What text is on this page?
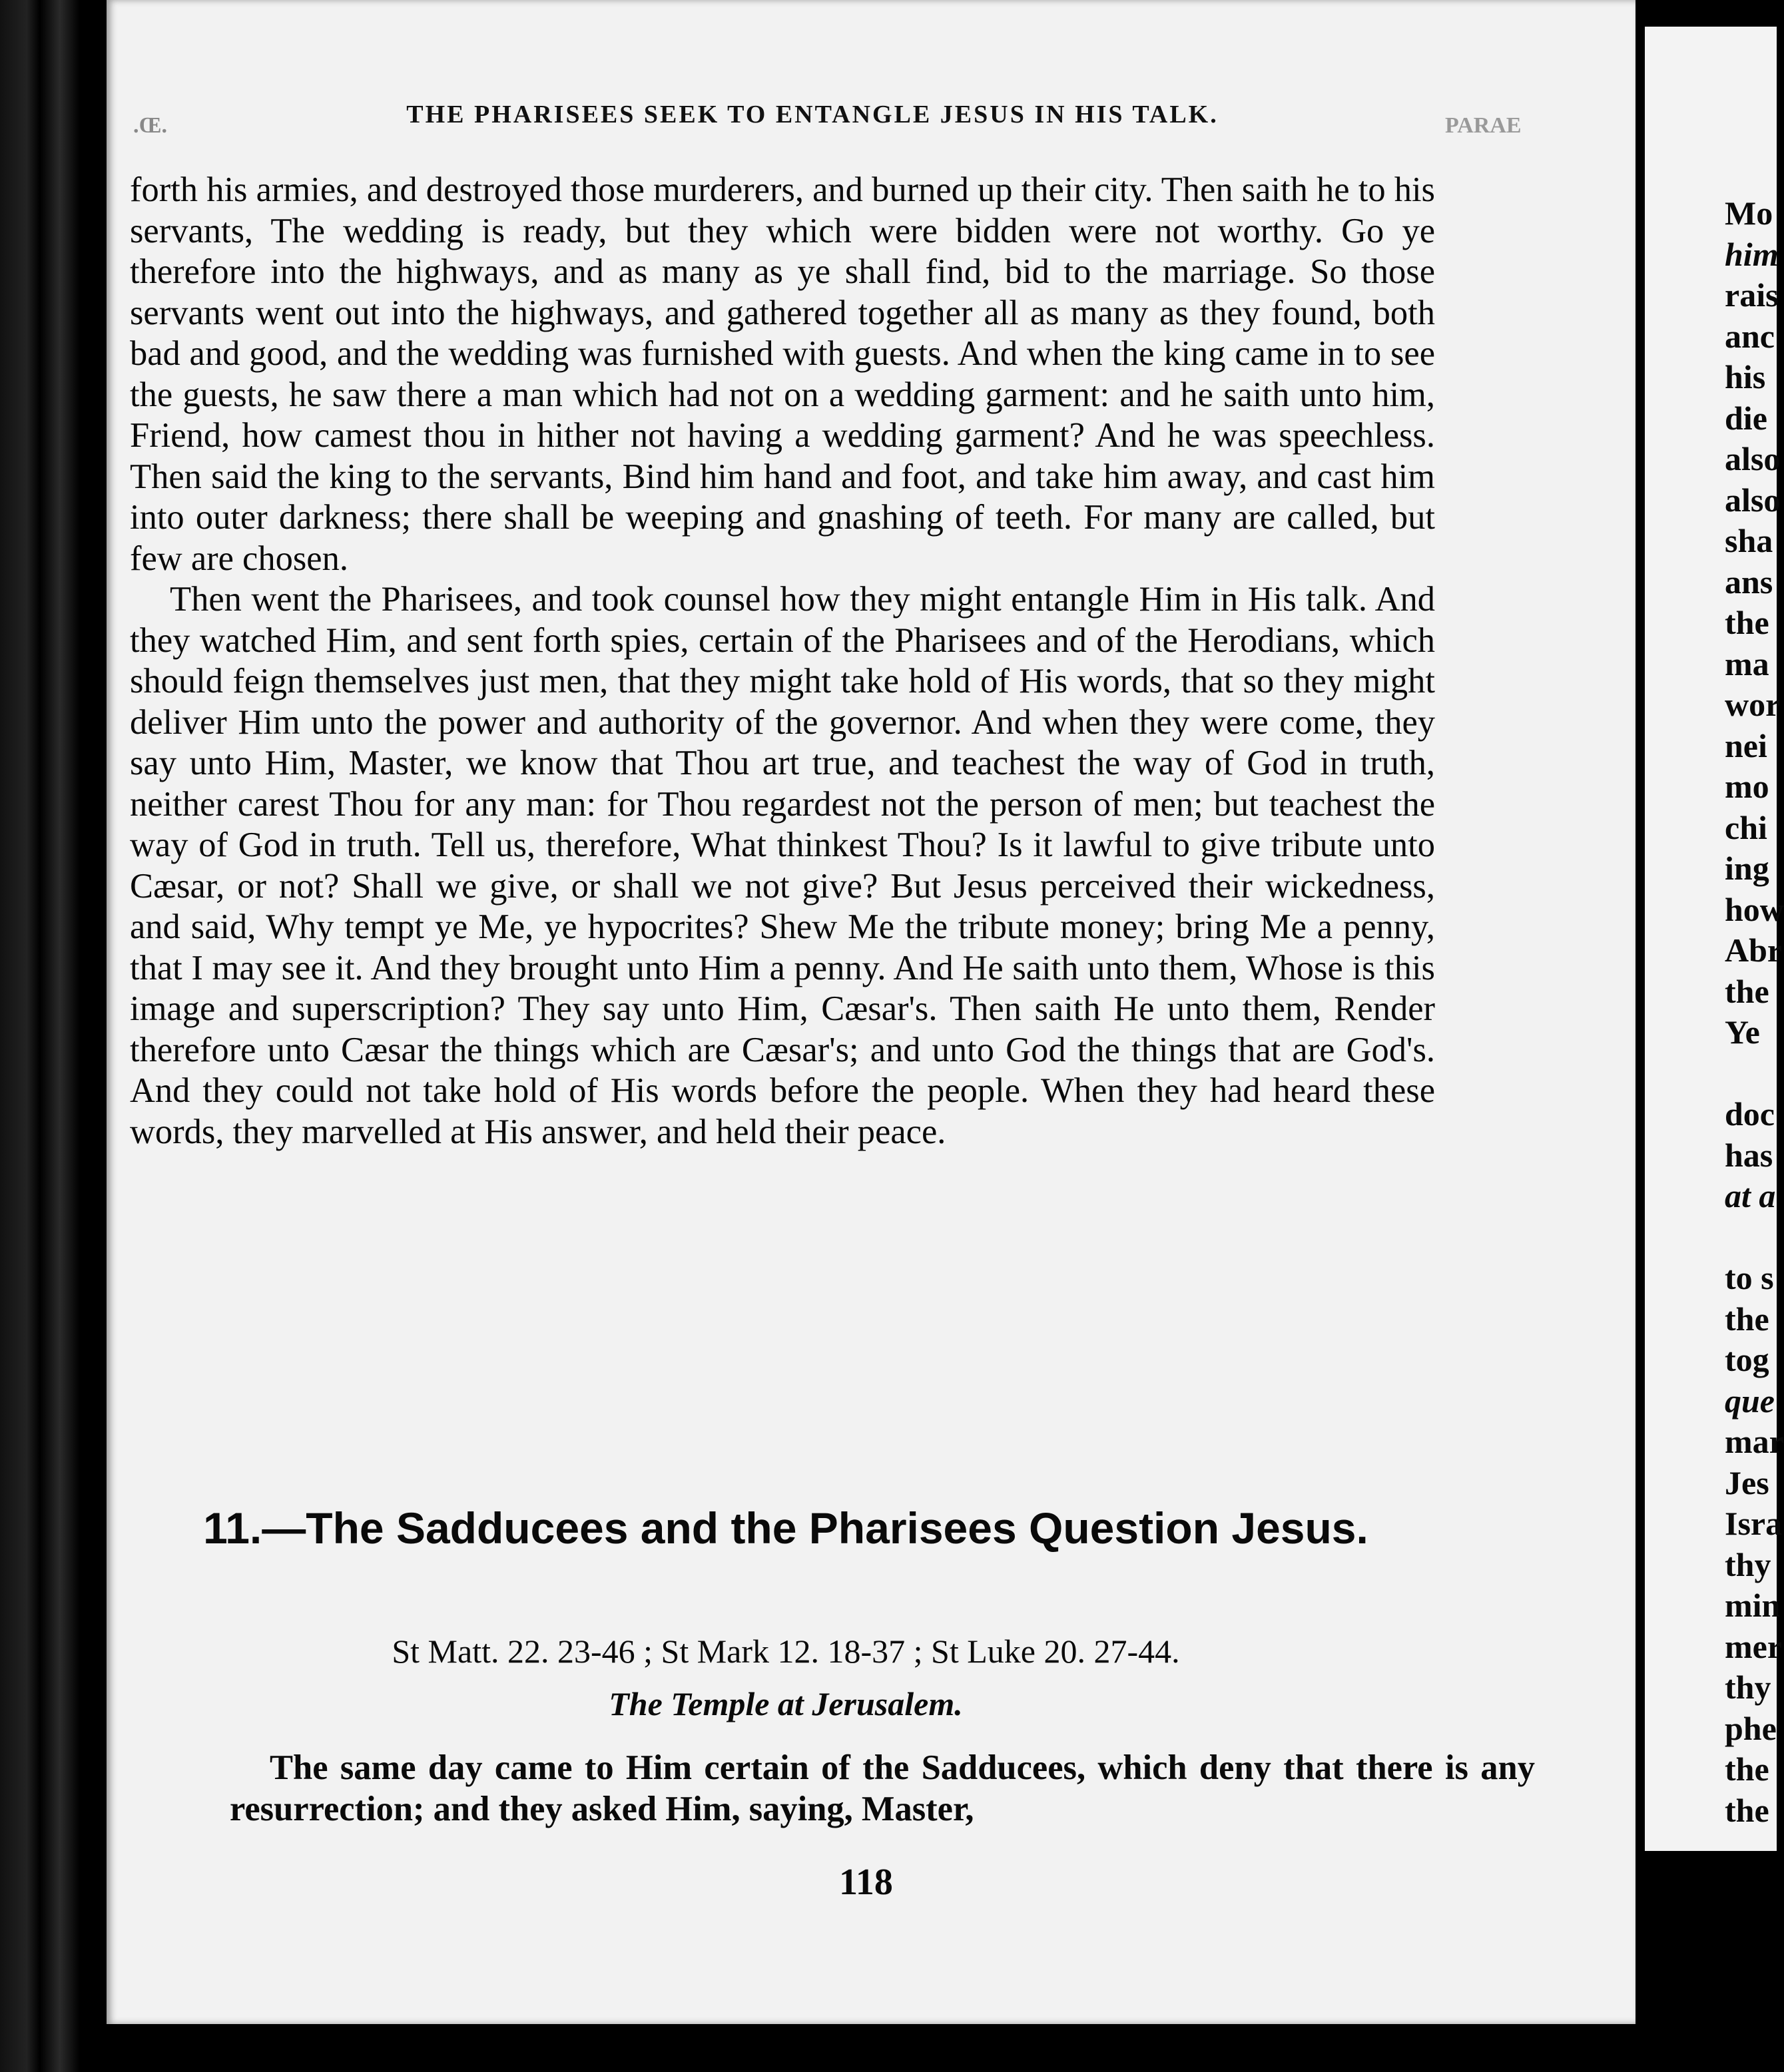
.Œ.	THE PHARISEES SEEK TO ENTANGLE JESUS IN HIS TALK.	PARAE

forth his armies, and destroyed those murderers, and burned up their city. Then saith he to his servants, The wedding is ready, but they which were bidden were not worthy. Go ye therefore into the highways, and as many as ye shall find, bid to the marriage. So those servants went out into the highways, and gathered together all as many as they found, both bad and good, and the wedding was furnished with guests. And when the king came in to see the guests, he saw there a man which had not on a wedding garment: and he saith unto him, Friend, how camest thou in hither not having a wedding garment? And he was speechless. Then said the king to the servants, Bind him hand and foot, and take him away, and cast him into outer darkness; there shall be weeping and gnashing of teeth. For many are called, but few are chosen.

Then went the Pharisees, and took counsel how they might entangle Him in His talk. And they watched Him, and sent forth spies, certain of the Pharisees and of the Herodians, which should feign themselves just men, that they might take hold of His words, that so they might deliver Him unto the power and authority of the governor. And when they were come, they say unto Him, Master, we know that Thou art true, and teachest the way of God in truth, neither carest Thou for any man: for Thou regardest not the person of men; but teachest the way of God in truth. Tell us, therefore, What thinkest Thou? Is it lawful to give tribute unto Cæsar, or not? Shall we give, or shall we not give? But Jesus perceived their wickedness, and said, Why tempt ye Me, ye hypocrites? Shew Me the tribute money; bring Me a penny, that I may see it. And they brought unto Him a penny. And He saith unto them, Whose is this image and superscription? They say unto Him, Cæsar's. Then saith He unto them, Render therefore unto Cæsar the things which are Cæsar's; and unto God the things that are God's. And they could not take hold of His words before the people. When they had heard these words, they marvelled at His answer, and held their peace.

11.—The Sadducees and the Pharisees Question Jesus.
St Matt. 22. 23-46 ; St Mark 12. 18-37 ; St Luke 20. 27-44.
The Temple at Jerusalem.

The same day came to Him certain of the Sadducees, which deny that there is any resurrection; and they asked Him, saying, Master,

118
Mo
him
rais
anc
his
die
also
also
sha
ans
the
ma
wor
nei
mo
chi
ing
how
Abr
the
Ye
doc
has
at a
to s
the
tog
que
mar
Jes
Isra
thy
min
mer
thy
phe
the
the
